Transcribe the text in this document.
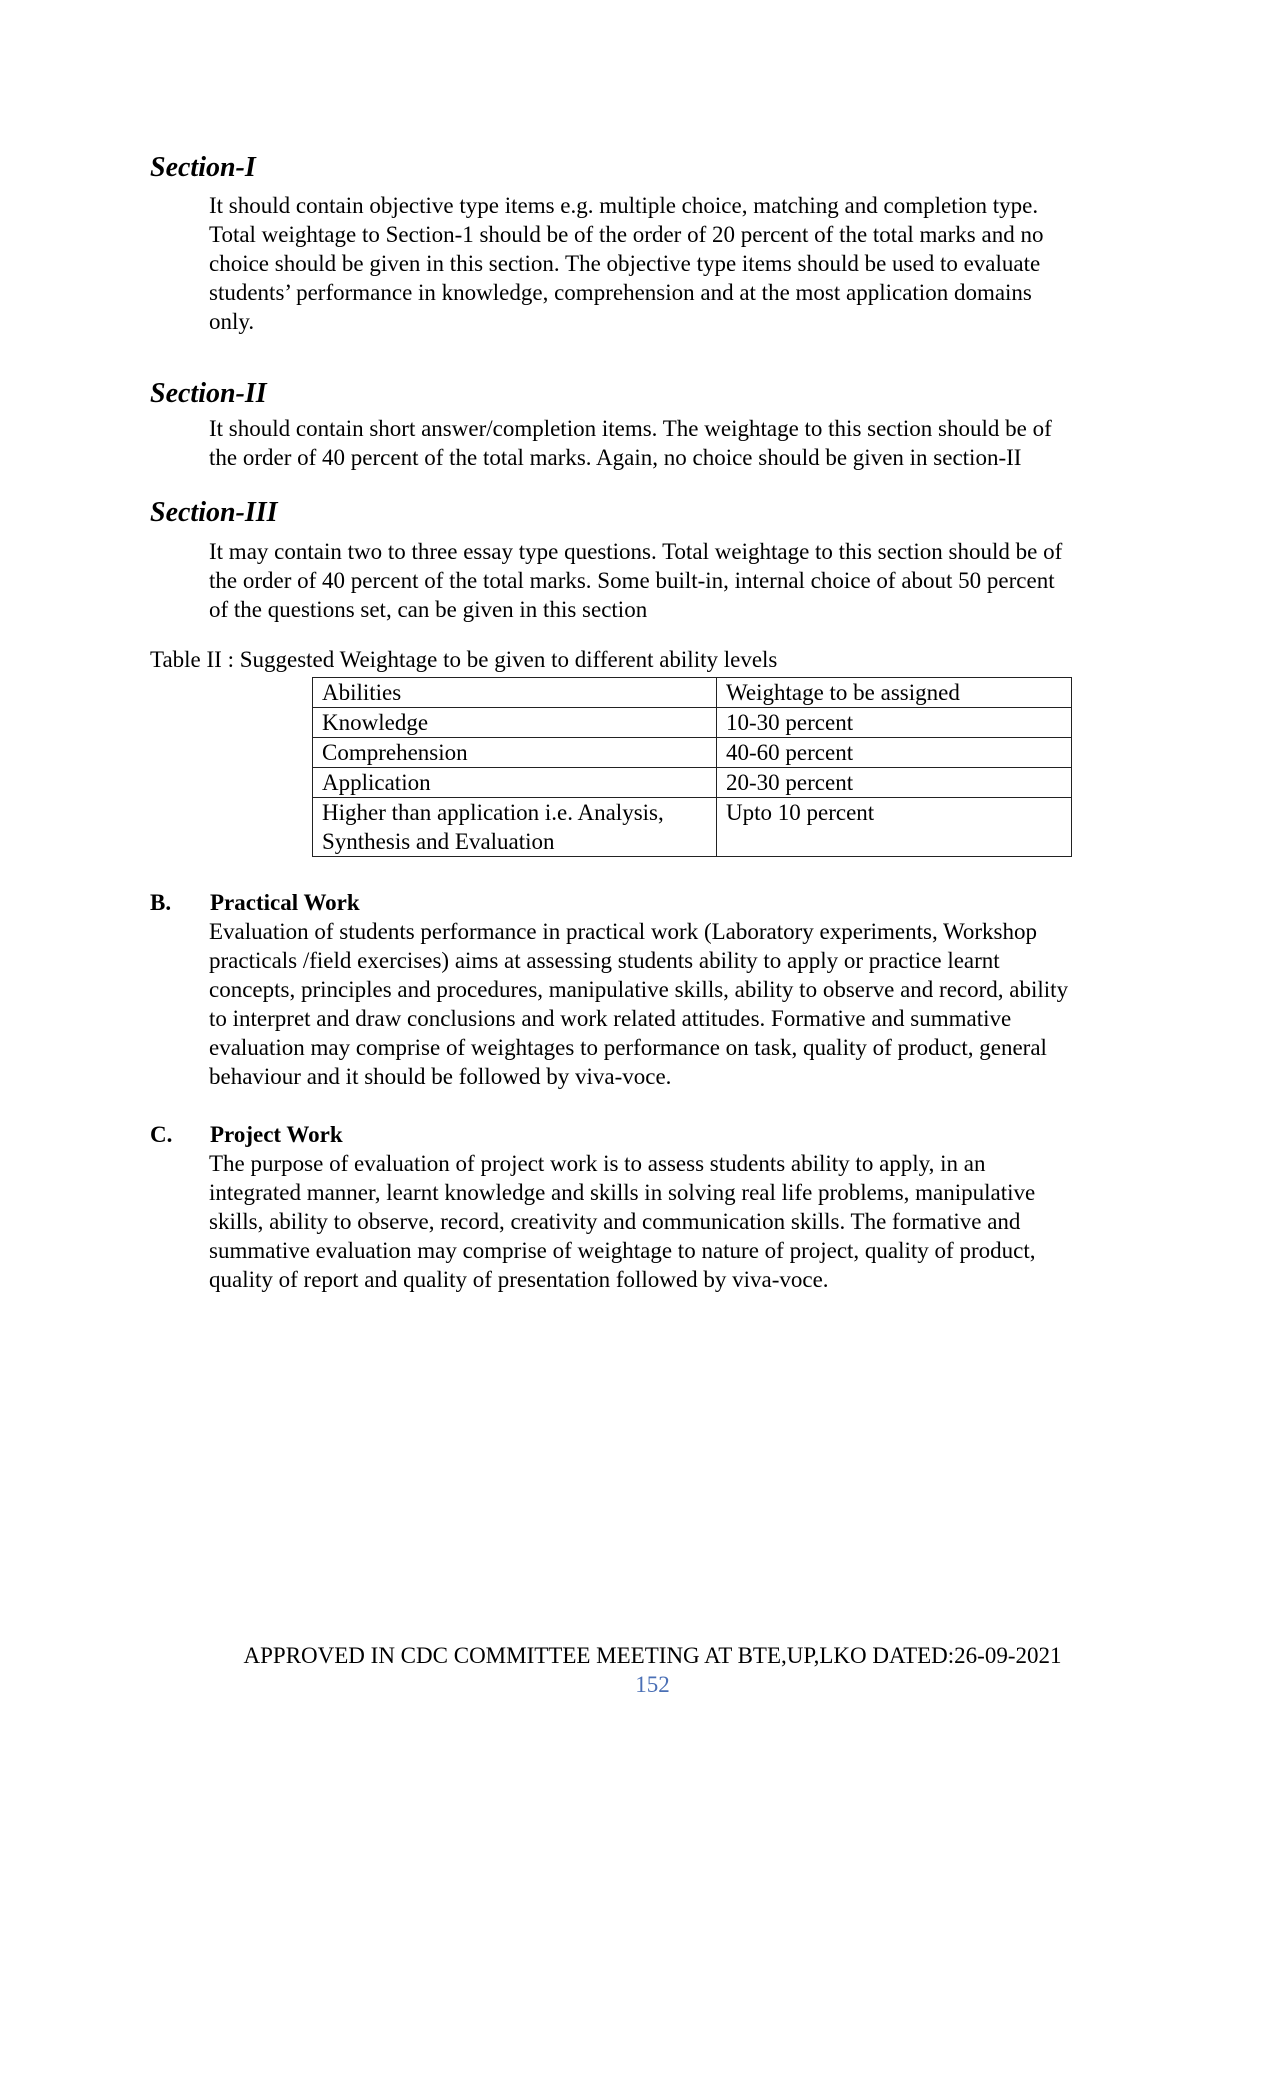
Section-I
It should contain objective type items e.g. multiple choice, matching and completion type.
Total weightage to Section-1 should be of the order of 20 percent of the total marks and no
choice should be given in this section. The objective type items should be used to evaluate
students’ performance in knowledge, comprehension and at the most application domains
only.
Section-II
It should contain short answer/completion items. The weightage to this section should be of
the order of 40 percent of the total marks. Again, no choice should be given in section-II
Section-III
It may contain two to three essay type questions. Total weightage to this section should be of
the order of 40 percent of the total marks. Some built-in, internal choice of about 50 percent
of the questions set, can be given in this section

Table II : Suggested Weightage to be given to different ability levels

Abilities	Weightage to be assigned

Knowledge	10-30 percent

Comprehension	40-60 percent

Application	20-30 percent

Higher than application i.e. Analysis,
Synthesis and Evaluation	Upto 10 percent

B. Practical Work

Evaluation of students performance in practical work (Laboratory experiments, Workshop
practicals /field exercises) aims at assessing students ability to apply or practice learnt
concepts, principles and procedures, manipulative skills, ability to observe and record, ability
to interpret and draw conclusions and work related attitudes. Formative and summative
evaluation may comprise of weightages to performance on task, quality of product, general
behaviour and it should be followed by viva-voce.

C. Project Work

The purpose of evaluation of project work is to assess students ability to apply, in an
integrated manner, learnt knowledge and skills in solving real life problems, manipulative
skills, ability to observe, record, creativity and communication skills. The formative and
summative evaluation may comprise of weightage to nature of project, quality of product,
quality of report and quality of presentation followed by viva-voce.
APPROVED IN CDC COMMITTEE MEETING AT BTE,UP,LKO DATED:26-09-2021
152
